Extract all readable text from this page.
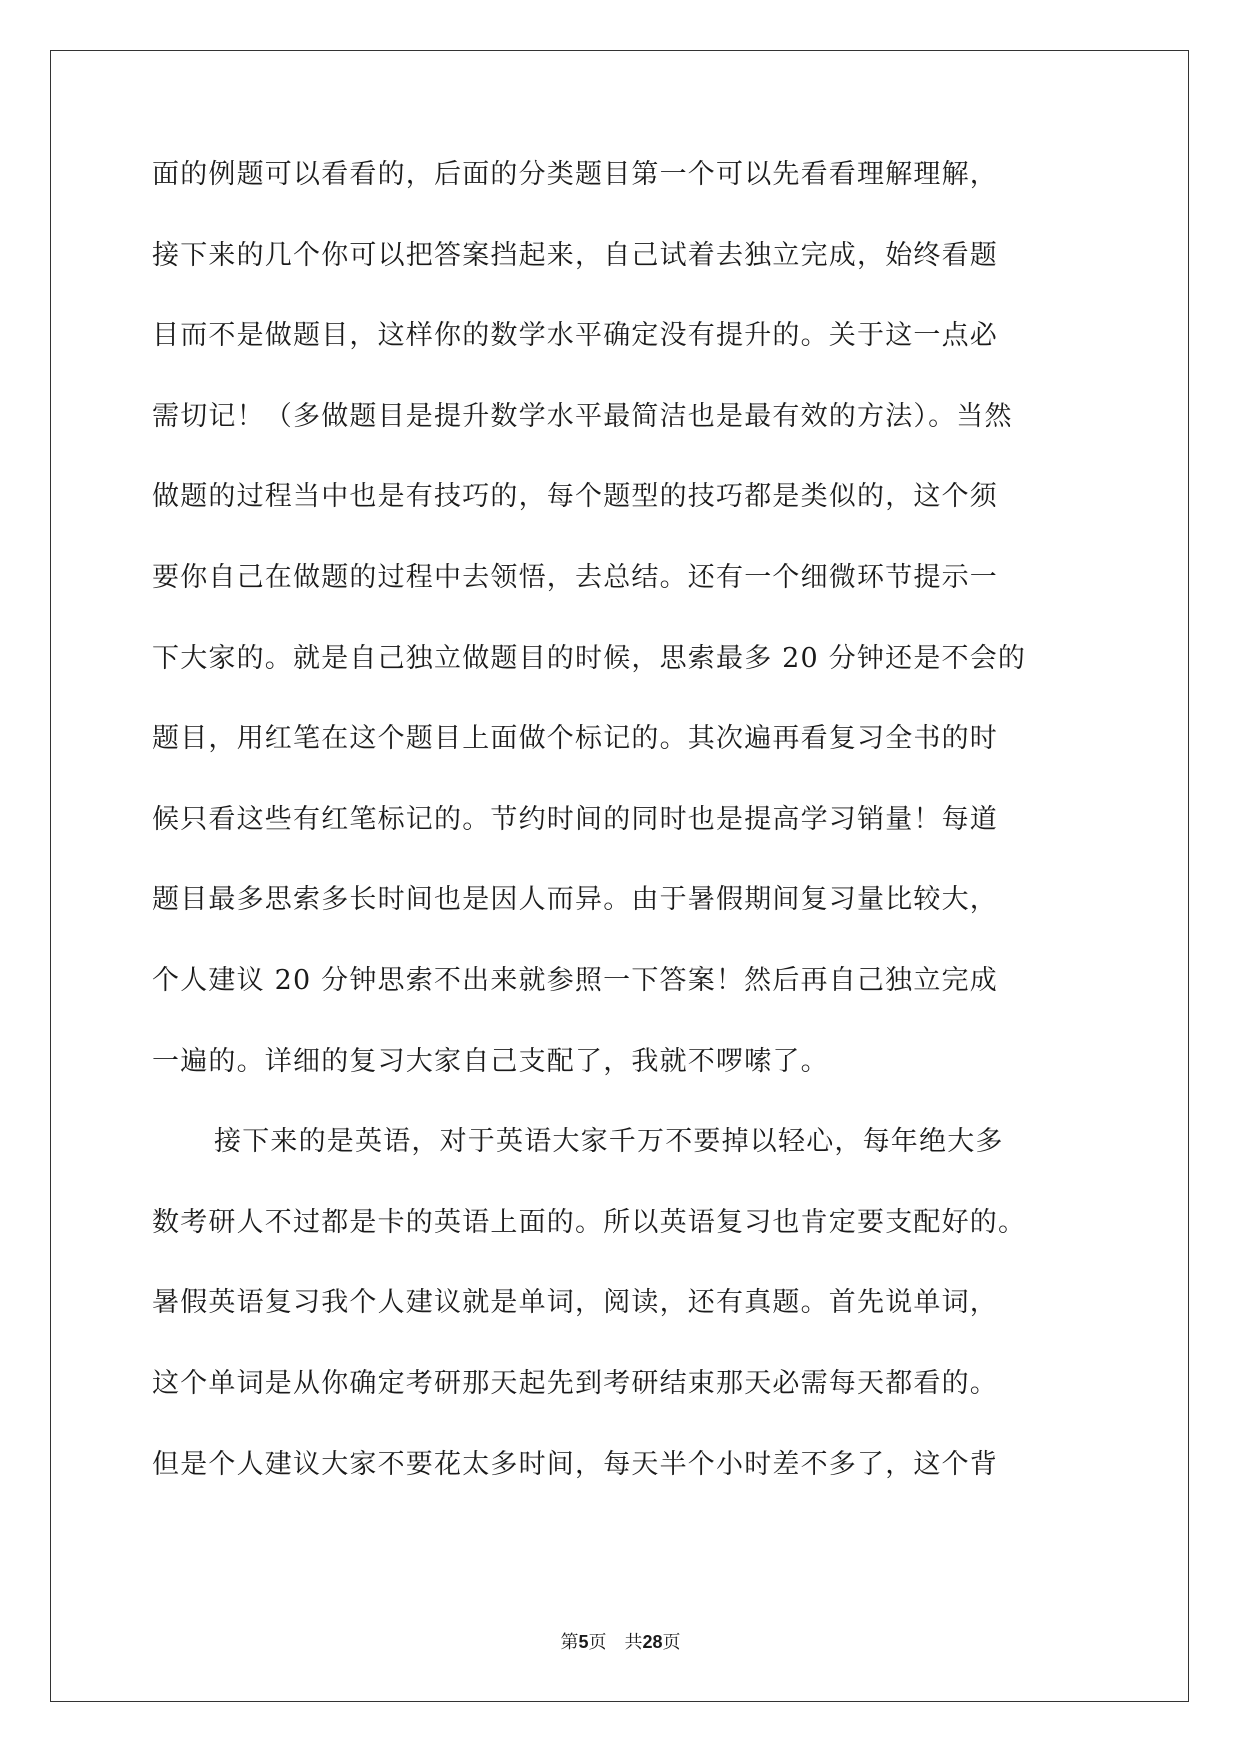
面的例题可以看看的，后面的分类题目第一个可以先看看理解理解，
接下来的几个你可以把答案挡起来，自己试着去独立完成，始终看题
目而不是做题目，这样你的数学水平确定没有提升的。关于这一点必
需切记！（多做题目是提升数学水平最简洁也是最有效的方法）。当然
做题的过程当中也是有技巧的，每个题型的技巧都是类似的，这个须
要你自己在做题的过程中去领悟，去总结。还有一个细微环节提示一
下大家的。就是自己独立做题目的时候，思索最多 20 分钟还是不会的
题目，用红笔在这个题目上面做个标记的。其次遍再看复习全书的时
候只看这些有红笔标记的。节约时间的同时也是提高学习销量！每道
题目最多思索多长时间也是因人而异。由于暑假期间复习量比较大，
个人建议 20 分钟思索不出来就参照一下答案！然后再自己独立完成
一遍的。详细的复习大家自己支配了，我就不啰嗦了。
接下来的是英语，对于英语大家千万不要掉以轻心，每年绝大多
数考研人不过都是卡的英语上面的。所以英语复习也肯定要支配好的。
暑假英语复习我个人建议就是单词，阅读，还有真题。首先说单词，
这个单词是从你确定考研那天起先到考研结束那天必需每天都看的。
但是个人建议大家不要花太多时间，每天半个小时差不多了，这个背
第5页 共28页
